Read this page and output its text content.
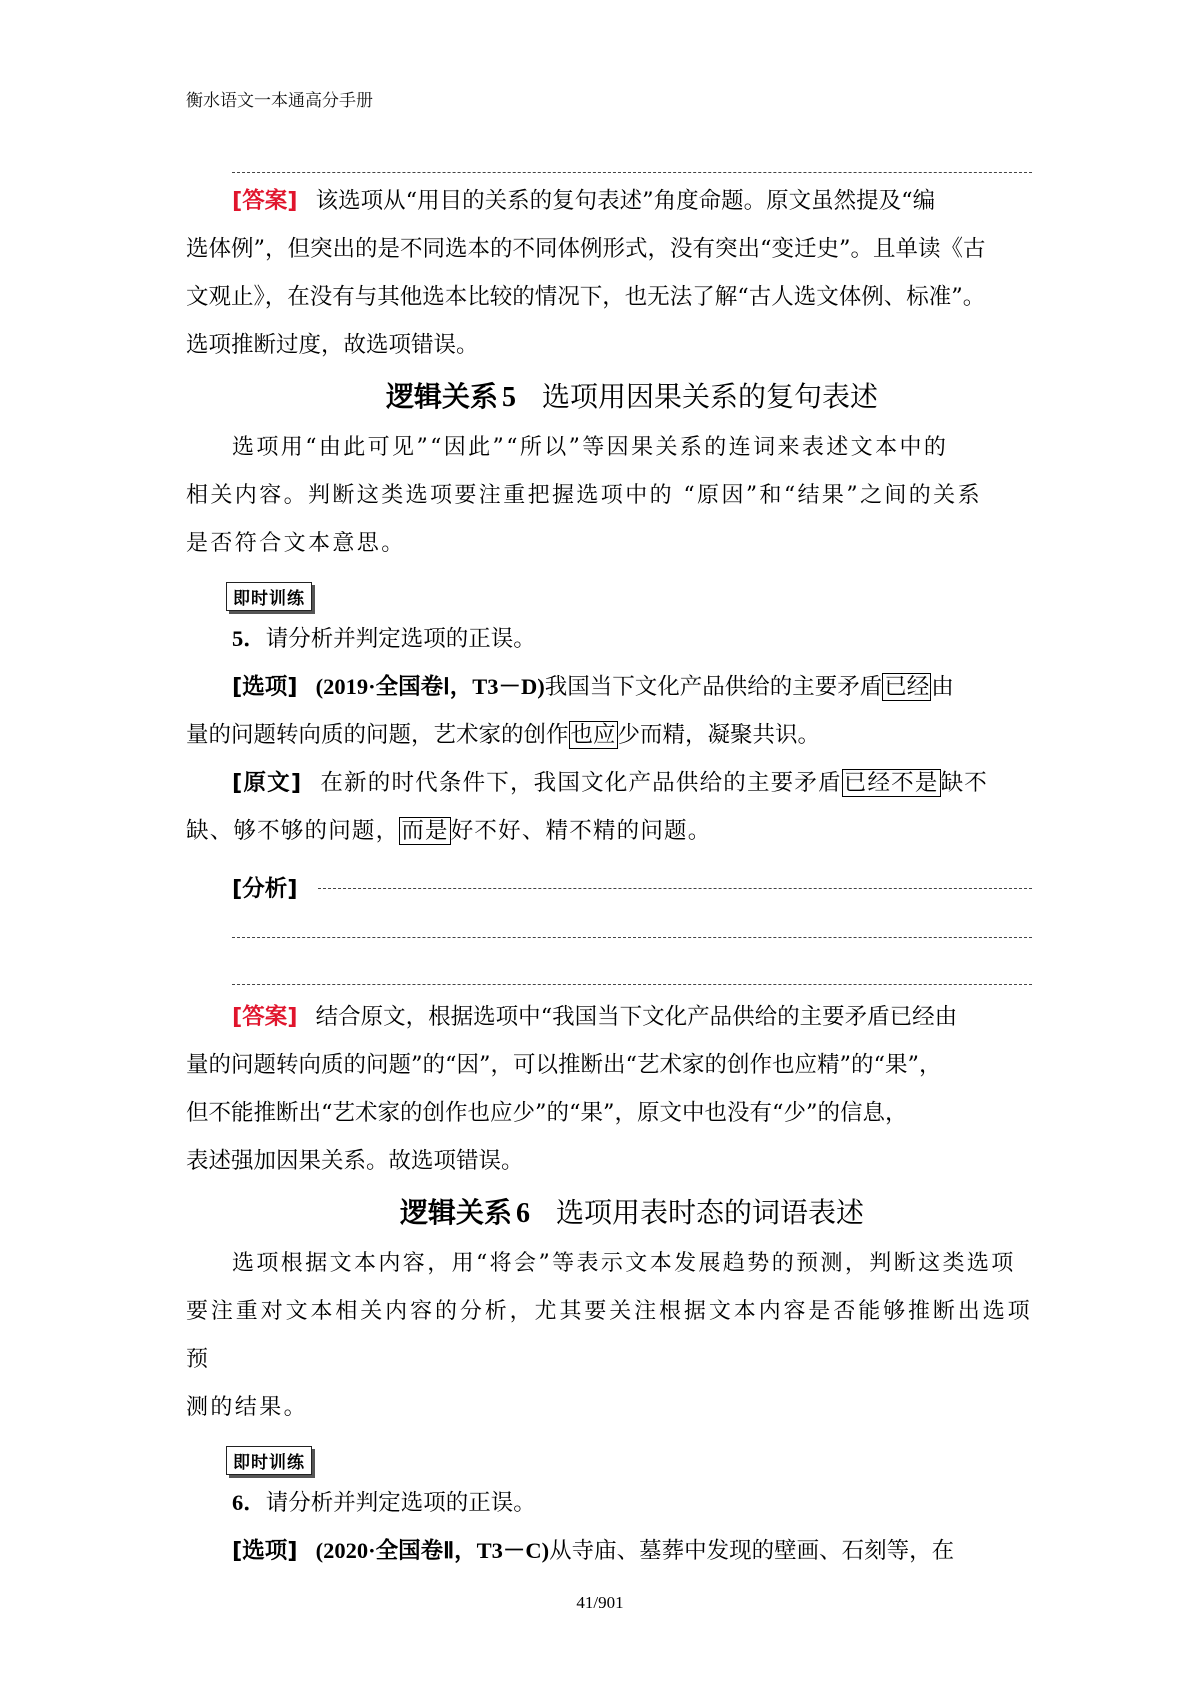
衡水语文一本通高分手册

[答案] 该选项从“用目的关系的复句表述”角度命题。原文虽然提及“编

选体例”，但突出的是不同选本的不同体例形式，没有突出“变迁史”。且单读《古

文观止》，在没有与其他选本比较的情况下，也无法了解“古人选文体例、标准”。

选项推断过度，故选项错误。

逻辑关系 5 选项用因果关系的复句表述

选项用“由此可见”“因此”“所以”等因果关系的连词来表述文本中的

相关内容。判断这类选项要注重把握选项中的 “原因”和“结果”之间的关系

是否符合文本意思。

即时训练

5．请分析并判定选项的正误。

[选项] (2019·全国卷Ⅰ，T3－D)我国当下文化产品供给的主要矛盾已经由

量的问题转向质的问题，艺术家的创作也应少而精，凝聚共识。

[原文] 在新的时代条件下，我国文化产品供给的主要矛盾已经不是缺不

缺、够不够的问题，而是好不好、精不精的问题。

[分析]

[答案] 结合原文，根据选项中“我国当下文化产品供给的主要矛盾已经由

量的问题转向质的问题”的“因”，可以推断出“艺术家的创作也应精”的“果”，

但不能推断出“艺术家的创作也应少”的“果”，原文中也没有“少”的信息，

表述强加因果关系。故选项错误。

逻辑关系 6 选项用表时态的词语表述

选项根据文本内容，用“将会”等表示文本发展趋势的预测，判断这类选项

要注重对文本相关内容的分析，尤其要关注根据文本内容是否能够推断出选项预

测的结果。

即时训练

6．请分析并判定选项的正误。

[选项] (2020·全国卷Ⅱ，T3－C)从寺庙、墓葬中发现的壁画、石刻等，在

41/901
